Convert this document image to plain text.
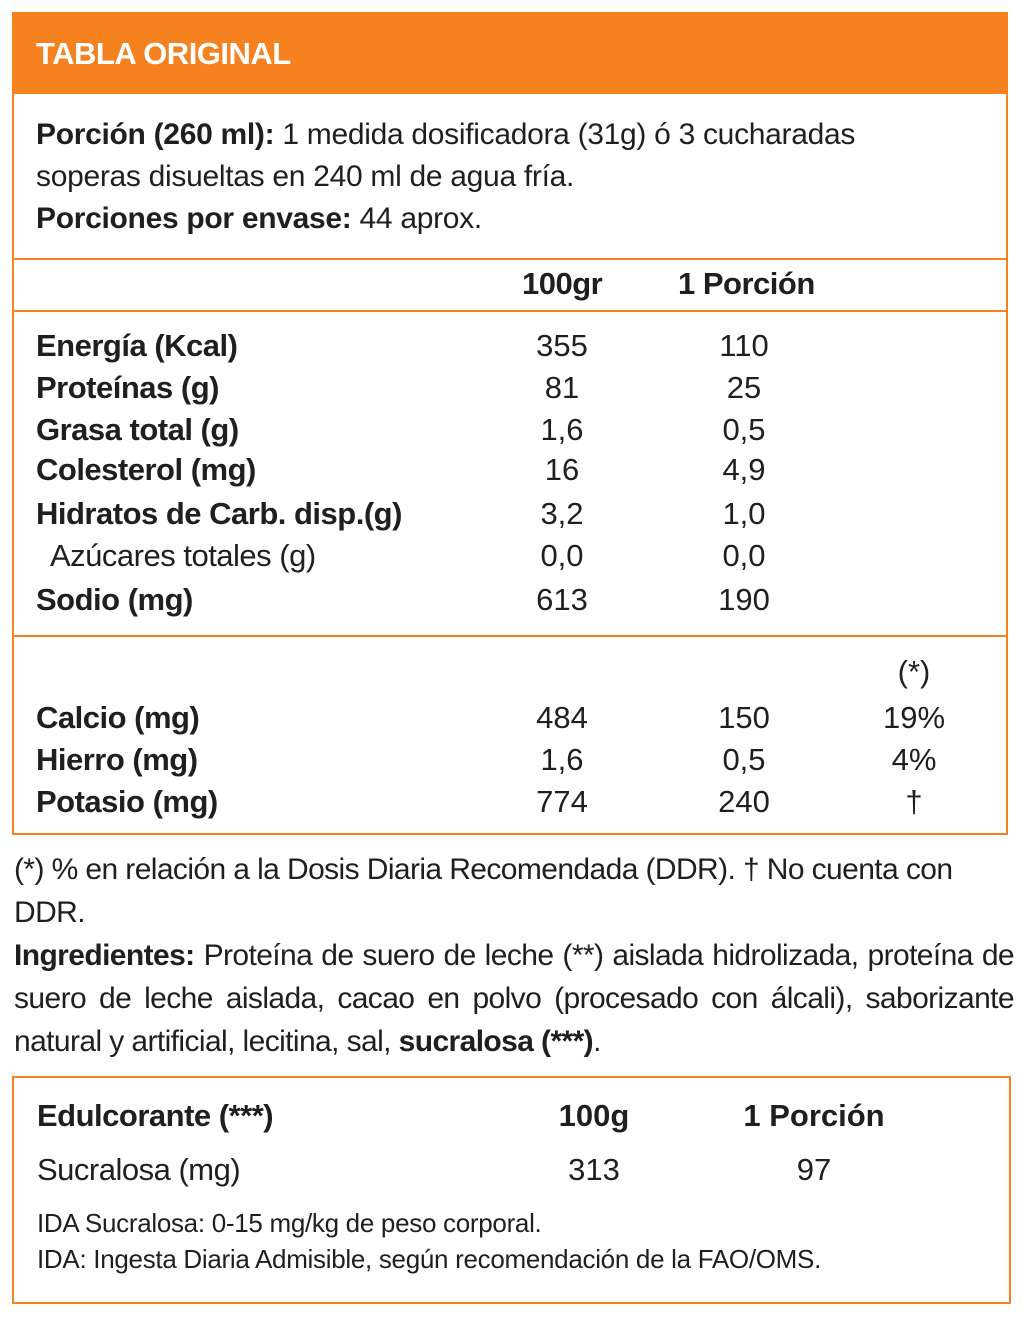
TABLA ORIGINAL
Porción (260 ml): 1 medida dosificadora (31g) ó 3 cucharadas
soperas disueltas en 240 ml de agua fría.
Porciones por envase: 44 aprox.
100gr 1 Porción
Energía (Kcal)	355	110
Proteínas (g)	81	25
Grasa total (g)	1,6	0,5
Colesterol (mg)	16	4,9
Hidratos de Carb. disp.(g)	3,2	1,0
Azúcares totales (g)	0,0	0,0
Sodio (mg)	613	190
(*)
Calcio (mg)	484	150	19%
Hierro (mg)	1,6	0,5	4%
Potasio (mg)	774	240	†

(*) % en relación a la Dosis Diaria Recomendada (DDR). † No cuenta con DDR.

Ingredientes: Proteína de suero de leche (**) aislada hidrolizada, proteína de suero de leche aislada, cacao en polvo (procesado con álcali), saborizante natural y artificial, lecitina, sal, sucralosa (***).

Edulcorante (***)	100g	1 Porción
Sucralosa (mg)	313	97
IDA Sucralosa: 0-15 mg/kg de peso corporal.
IDA: Ingesta Diaria Admisible, según recomendación de la FAO/OMS.
